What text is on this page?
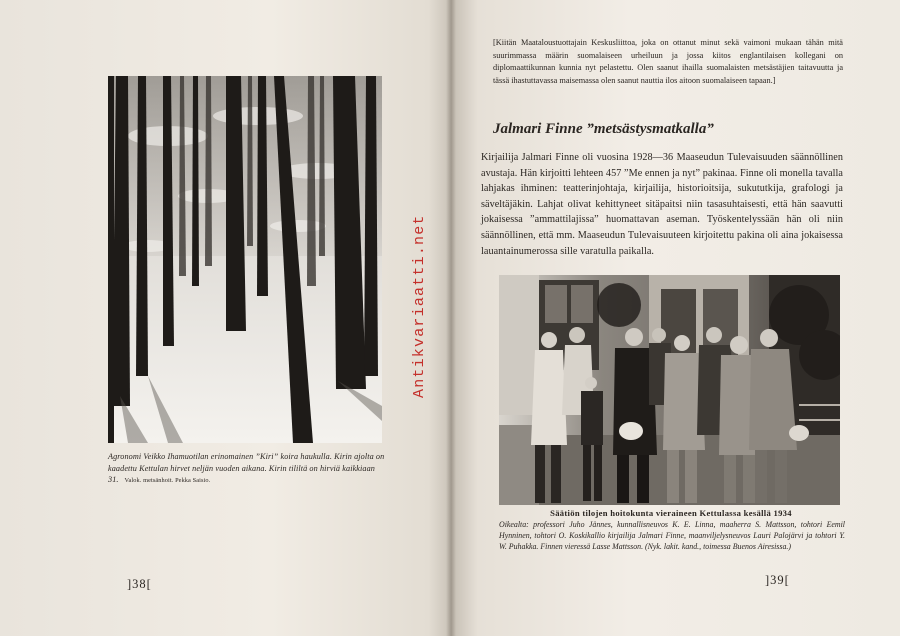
Agronomi Veikko Ihamuotilan erinomainen ”Kiri” koira haukulla. Kirin ajolta on kaadettu Kettulan hirvet neljän vuoden aikana. Kirin tililtä on hirviä kaikkiaan 31. Valok. metsänhoit. Pekka Saisio.

]38[
Antikvariaatti.net

[Kiitän Maataloustuottajain Keskusliittoa, joka on ottanut minut sekä vaimoni mukaan tähän mitä suurimmassa määrin suomalaiseen urheiluun ja jossa kiitos englantilaisen kollegani on diplomaattikunnan kunnia nyt pelastettu. Olen saanut ihailla suomalaisten metsästäjien taitavuutta ja tässä ihastuttavassa maisemassa olen saanut nauttia ilos aitoon suomalaiseen tapaan.]

Jalmari Finne ”metsästysmatkalla”

Kirjailija Jalmari Finne oli vuosina 1928—36 Maaseudun Tulevaisuuden säännöllinen avustaja. Hän kirjoitti lehteen 457 ”Me ennen ja nyt” pakinaa. Finne oli monella tavalla lahjakas ihminen: teatterinjohtaja, kirjailija, historioitsija, sukututkija, grafologi ja säveltäjäkin. Lahjat olivat kehittyneet sitäpaitsi niin tasasuhtaisesti, että hän saavutti jokaisessa ”ammattilajissa” huomattavan aseman. Työskentelyssään hän oli niin säännöllinen, että mm. Maaseudun Tulevaisuuteen kirjoitettu pakina oli aina jokaisessa lauantainumerossa sille varatulla paikalla.

Säätiön tilojen hoitokunta vieraineen Kettulassa kesällä 1934

Oikealta: professori Juho Jännes, kunnallisneuvos K. E. Linna, maaherra S. Mattsson, tohtori Eemil Hynninen, tohtori O. Koskikallio kirjailija Jalmari Finne, maanviljelysneuvos Lauri Palojärvi ja tohtori Y. W. Puhakka. Finnen vieressä Lasse Mattsson. (Nyk. lakit. kand., toimessa Buenos Airesissa.)

]39[
